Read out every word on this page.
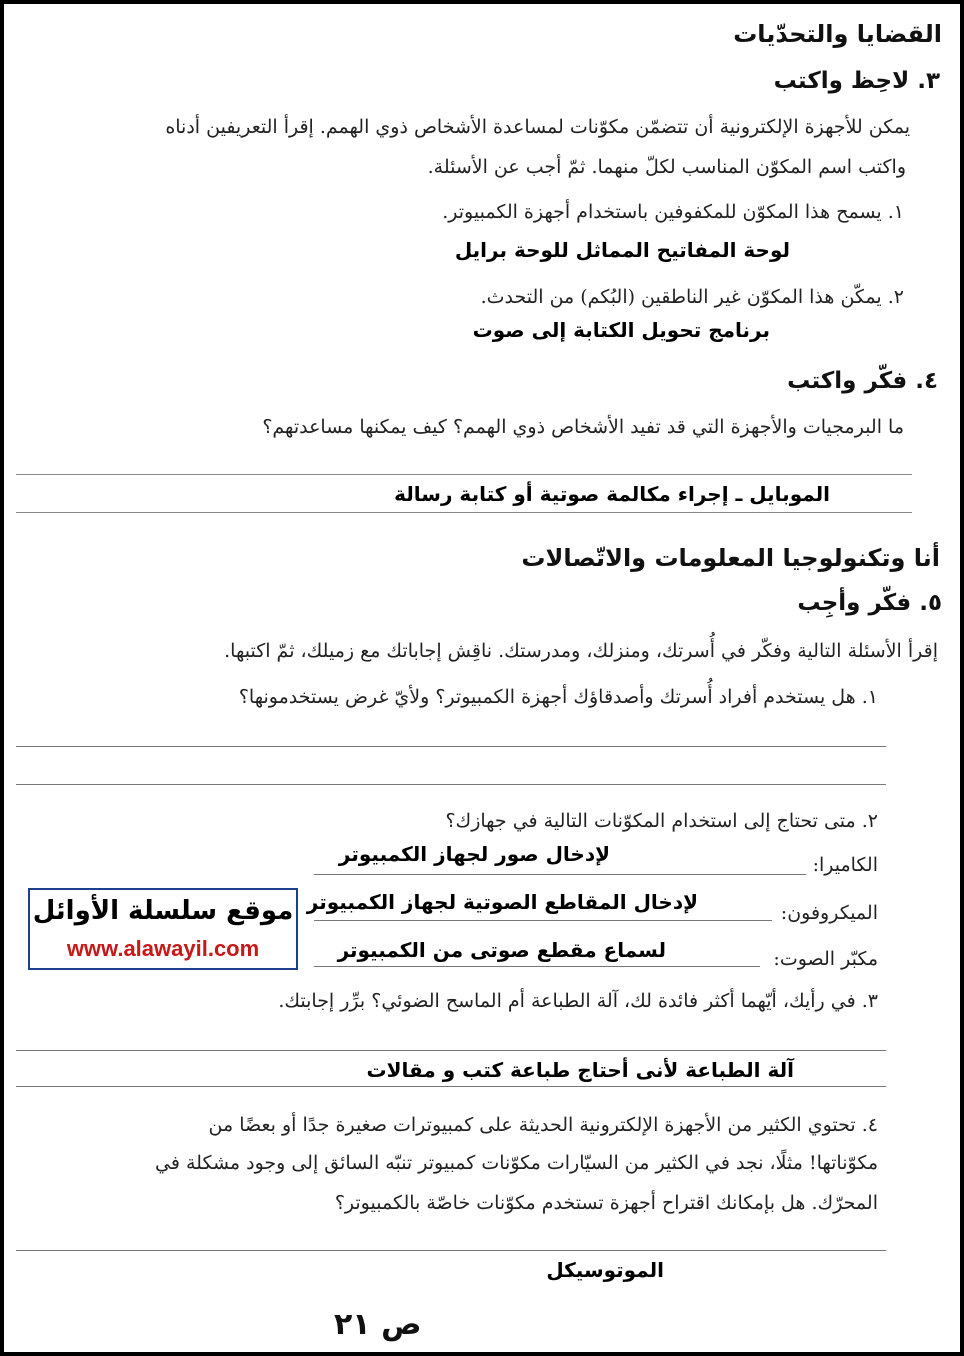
القضايا والتحدّيات
٣. لاحِظ واكتب
يمكن للأجهزة الإلكترونية أن تتضمّن مكوّنات لمساعدة الأشخاص ذوي الهمم. إقرأ التعريفين أدناه
واكتب اسم المكوّن المناسب لكلّ منهما. ثمّ أجب عن الأسئلة.
١. يسمح هذا المكوّن للمكفوفين باستخدام أجهزة الكمبيوتر.
لوحة المفاتيح المماثل للوحة برايل
٢. يمكّن هذا المكوّن غير الناطقين (البُكم) من التحدث.
برنامج تحويل الكتابة إلى صوت
٤. فكّر واكتب
ما البرمجيات والأجهزة التي قد تفيد الأشخاص ذوي الهمم؟ كيف يمكنها مساعدتهم؟
الموبايل ـ إجراء مكالمة صوتية أو كتابة رسالة
أنا وتكنولوجيا المعلومات والاتّصالات
٥. فكّر وأجِب
إقرأ الأسئلة التالية وفكّر في أُسرتك، ومنزلك، ومدرستك. ناقِش إجاباتك مع زميلك، ثمّ اكتبها.
١. هل يستخدم أفراد أُسرتك وأصدقاؤك أجهزة الكمبيوتر؟ ولأيّ غرض يستخدمونها؟
٢. متى تحتاج إلى استخدام المكوّنات التالية في جهازك؟
لإدخال صور لجهاز الكمبيوتر	الكاميرا:
لإدخال المقاطع الصوتية لجهاز الكمبيوتر	الميكروفون:
لسماع مقطع صوتى من الكمبيوتر	مكبّر الصوت:
٣. في رأيك، أيّهما أكثر فائدة لك، آلة الطباعة أم الماسح الضوئي؟ برِّر إجابتك.
آلة الطباعة لأنى أحتاج طباعة كتب و مقالات
٤. تحتوي الكثير من الأجهزة الإلكترونية الحديثة على كمبيوترات صغيرة جدًا أو بعضًا من
مكوّناتها! مثلًا، نجد في الكثير من السيّارات مكوّنات كمبيوتر تنبّه السائق إلى وجود مشكلة في
المحرّك. هل بإمكانك اقتراح أجهزة تستخدم مكوّنات خاصّة بالكمبيوتر؟
الموتوسيكل
موقع سلسلة الأوائل
www.alawayil.com
ص ٢١
